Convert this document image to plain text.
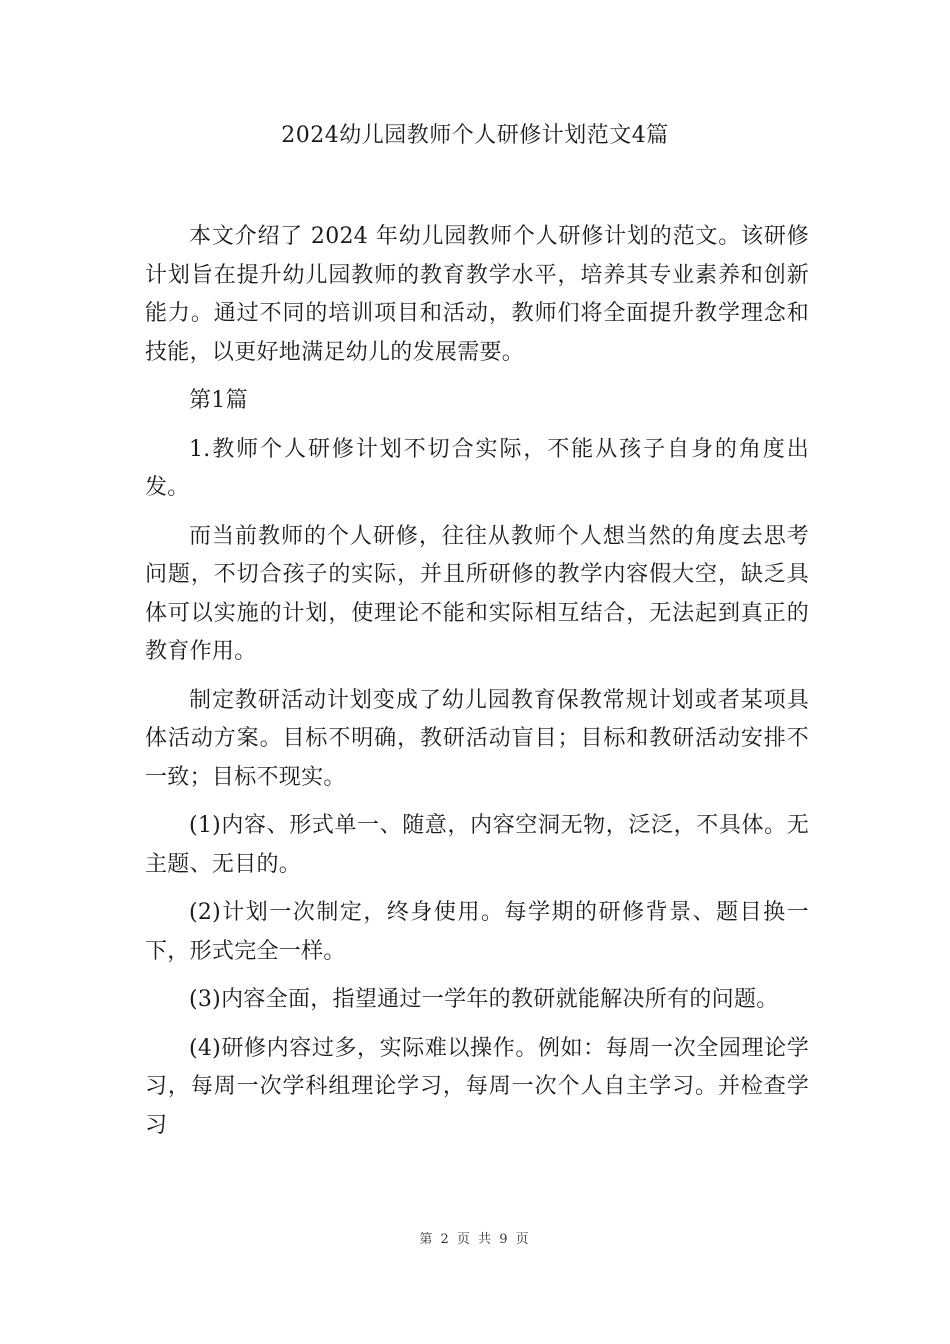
2024幼儿园教师个人研修计划范文4篇

本文介绍了 2024 年幼儿园教师个人研修计划的范文。该研修计划旨在提升幼儿园教师的教育教学水平，培养其专业素养和创新能力。通过不同的培训项目和活动，教师们将全面提升教学理念和技能，以更好地满足幼儿的发展需要。

第1篇

1.教师个人研修计划不切合实际，不能从孩子自身的角度出发。

而当前教师的个人研修，往往从教师个人想当然的角度去思考问题，不切合孩子的实际，并且所研修的教学内容假大空，缺乏具体可以实施的计划，使理论不能和实际相互结合，无法起到真正的教育作用。

制定教研活动计划变成了幼儿园教育保教常规计划或者某项具体活动方案。目标不明确，教研活动盲目；目标和教研活动安排不一致；目标不现实。

(1)内容、形式单一、随意，内容空洞无物，泛泛，不具体。无主题、无目的。

(2)计划一次制定，终身使用。每学期的研修背景、题目换一下，形式完全一样。

(3)内容全面，指望通过一学年的教研就能解决所有的问题。

(4)研修内容过多，实际难以操作。例如：每周一次全园理论学习，每周一次学科组理论学习，每周一次个人自主学习。并检查学习

第 2 页 共 9 页
